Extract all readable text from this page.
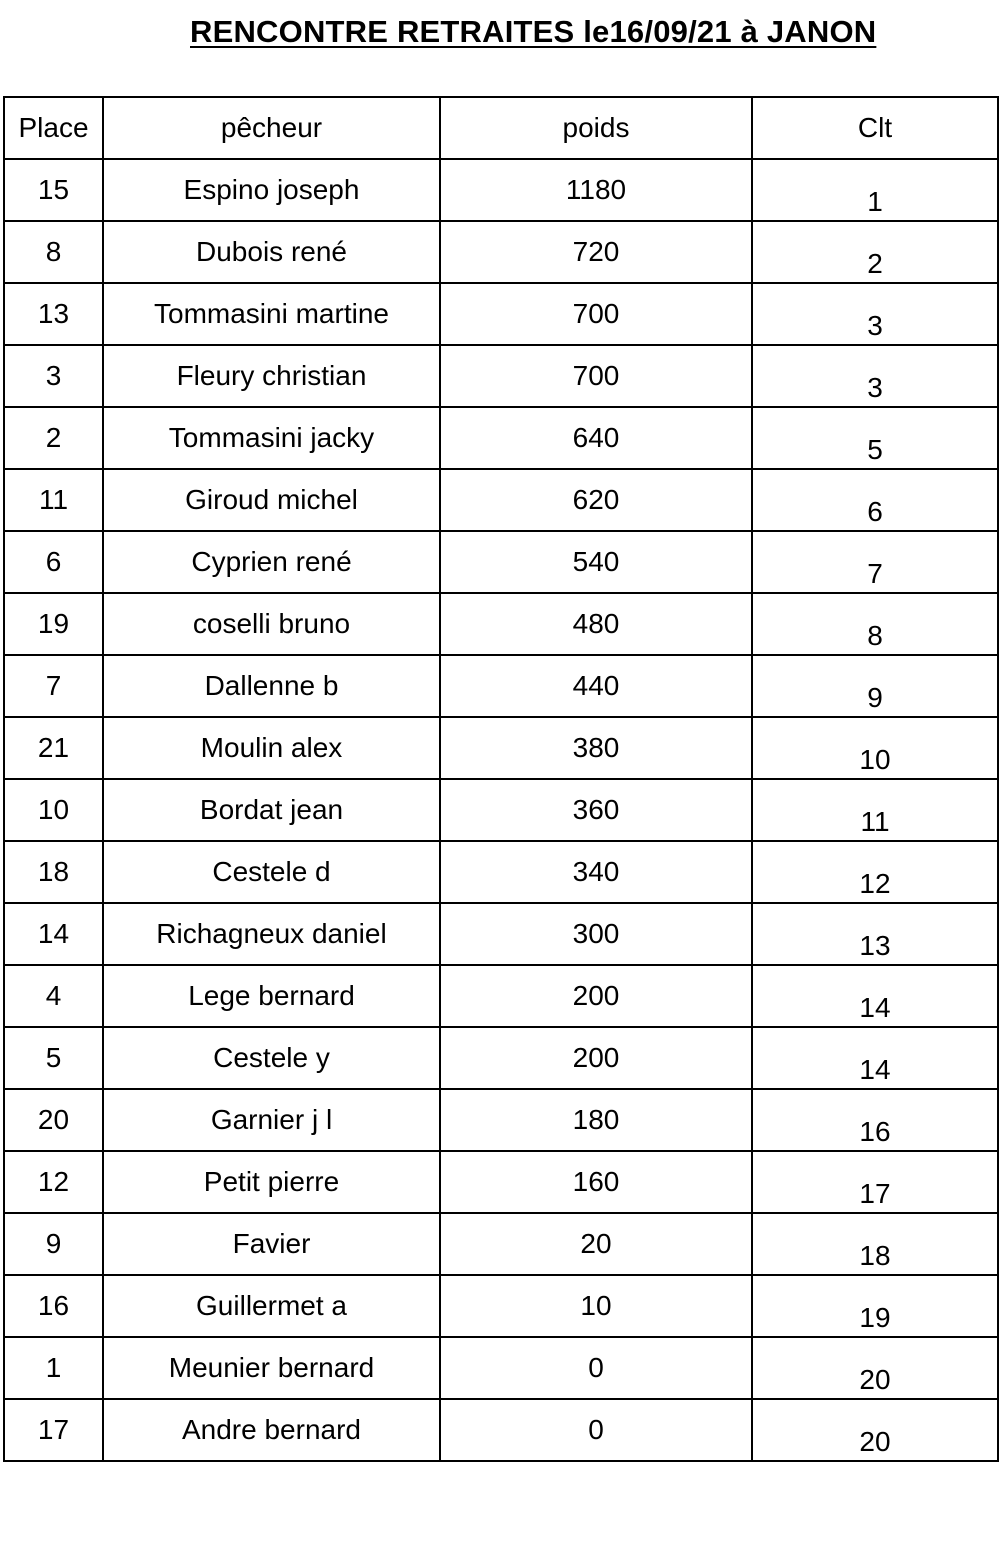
RENCONTRE RETRAITES le16/09/21 à JANON
Place	pêcheur	poids	Clt
15	Espino joseph	1180	1
8	Dubois rené	720	2
13	Tommasini martine	700	3
3	Fleury christian	700	3
2	Tommasini jacky	640	5
11	Giroud michel	620	6
6	Cyprien rené	540	7
19	coselli bruno	480	8
7	Dallenne b	440	9
21	Moulin alex	380	10
10	Bordat jean	360	11
18	Cestele d	340	12
14	Richagneux daniel	300	13
4	Lege bernard	200	14
5	Cestele y	200	14
20	Garnier j l	180	16
12	Petit pierre	160	17
9	Favier	20	18
16	Guillermet a	10	19
1	Meunier bernard	0	20
17	Andre bernard	0	20
